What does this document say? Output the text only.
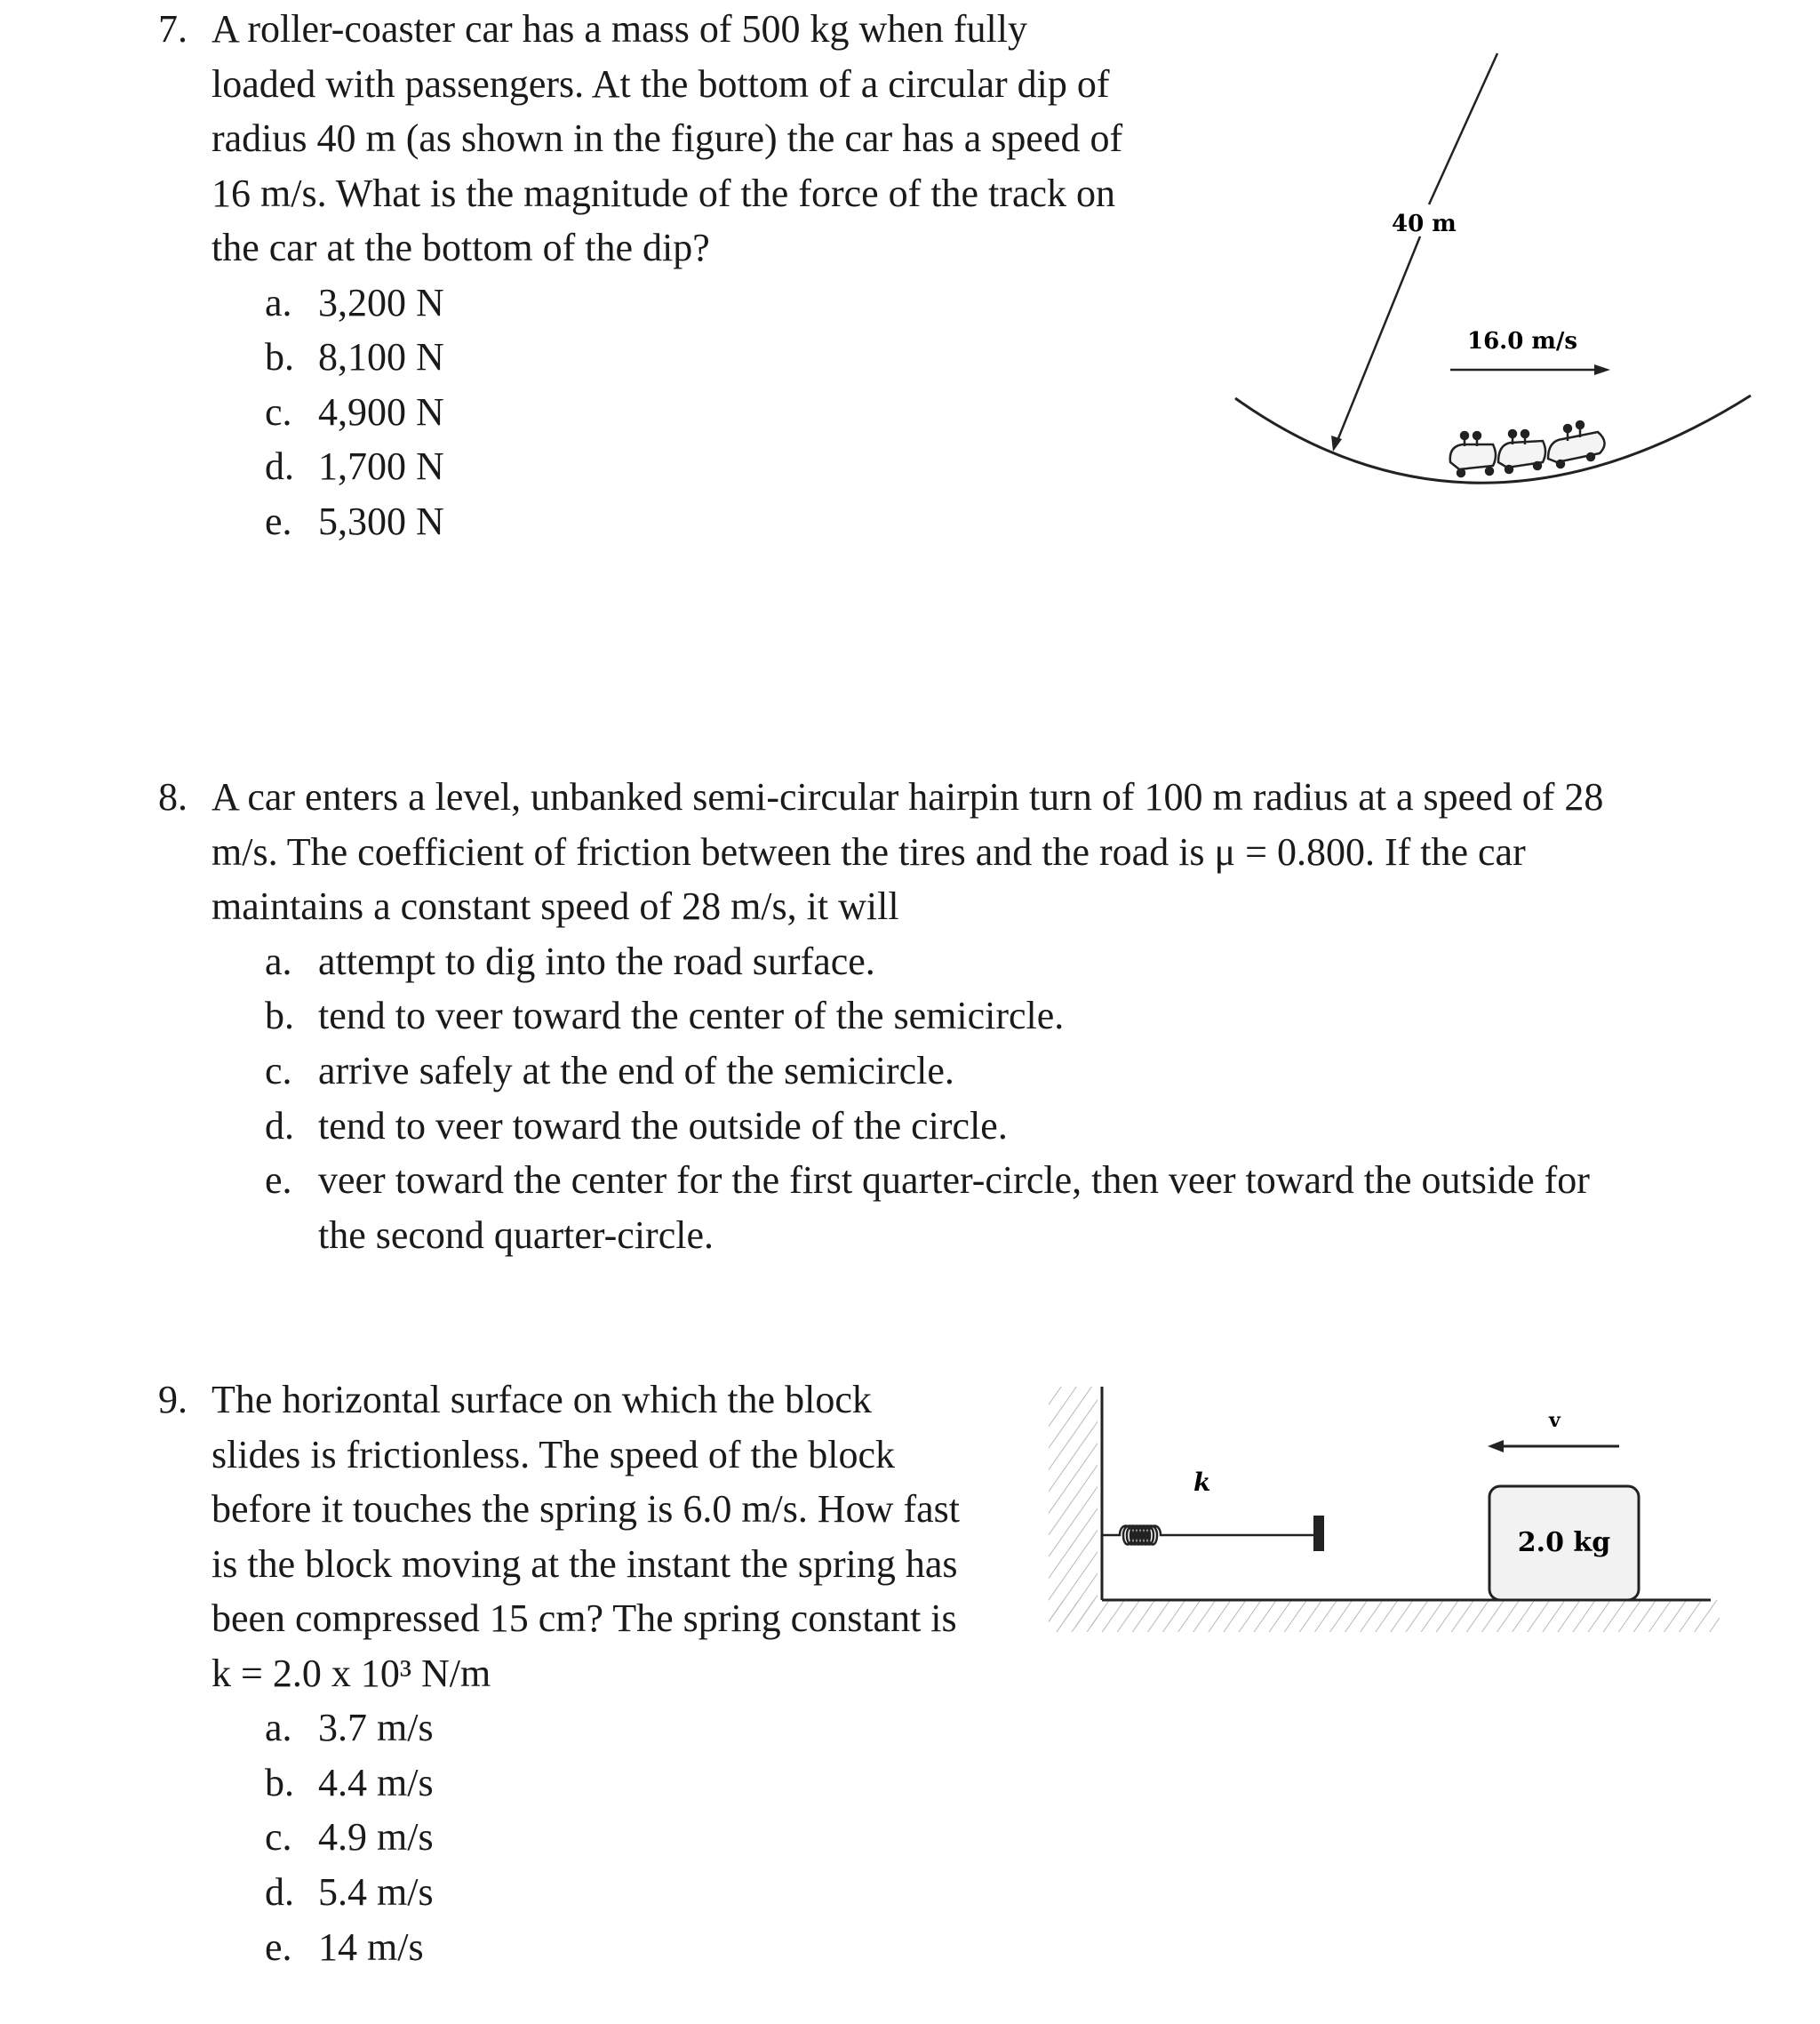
7. A roller-coaster car has a mass of 500 kg when fully
loaded with passengers. At the bottom of a circular dip of
radius 40 m (as shown in the figure) the car has a speed of
16 m/s. What is the magnitude of the force of the track on
the car at the bottom of the dip?
a. 3,200 N
b. 8,100 N
c. 4,900 N
d. 1,700 N
e. 5,300 N
40 m
16.0 m/s
8. A car enters a level, unbanked semi-circular hairpin turn of 100 m radius at a speed of 28
m/s. The coefficient of friction between the tires and the road is μ = 0.800. If the car
maintains a constant speed of 28 m/s, it will
a. attempt to dig into the road surface.
b. tend to veer toward the center of the semicircle.
c. arrive safely at the end of the semicircle.
d. tend to veer toward the outside of the circle.
e. veer toward the center for the first quarter-circle, then veer toward the outside for
the second quarter-circle.
9. The horizontal surface on which the block
slides is frictionless. The speed of the block
before it touches the spring is 6.0 m/s. How fast
is the block moving at the instant the spring has
been compressed 15 cm? The spring constant is
k = 2.0 x 10³ N/m
a. 3.7 m/s
b. 4.4 m/s
c. 4.9 m/s
d. 5.4 m/s
e. 14 m/s
k
v
2.0 kg
